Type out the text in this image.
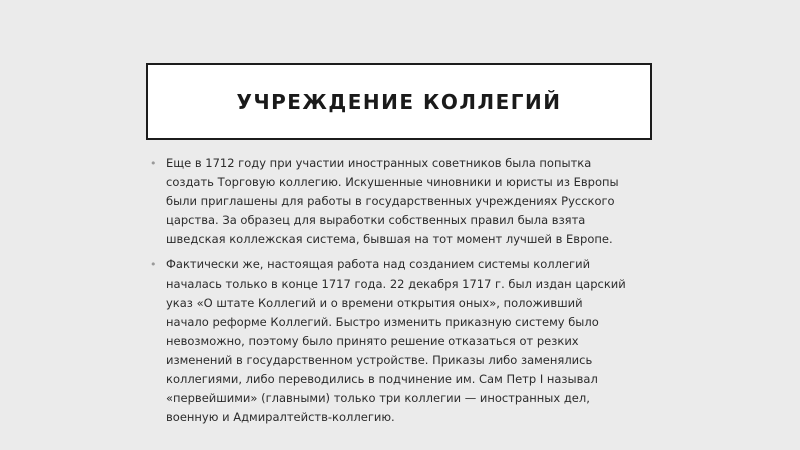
УЧРЕЖДЕНИЕ КОЛЛЕГИЙ
• Еще в 1712 году при участии иностранных советников была попытка
создать Торговую коллегию. Искушенные чиновники и юристы из Европы
были приглашены для работы в государственных учреждениях Русского
царства. За образец для выработки собственных правил была взята
шведская коллежская система, бывшая на тот момент лучшей в Европе.
• Фактически же, настоящая работа над созданием системы коллегий
началась только в конце 1717 года. 22 декабря 1717 г. был издан царский
указ «О штате Коллегий и о времени открытия оных», положивший
начало реформе Коллегий. Быстро изменить приказную систему было
невозможно, поэтому было принято решение отказаться от резких
изменений в государственном устройстве. Приказы либо заменялись
коллегиями, либо переводились в подчинение им. Сам Петр I называл
«первейшими» (главными) только три коллегии — иностранных дел,
военную и Адмиралтейств-коллегию.
